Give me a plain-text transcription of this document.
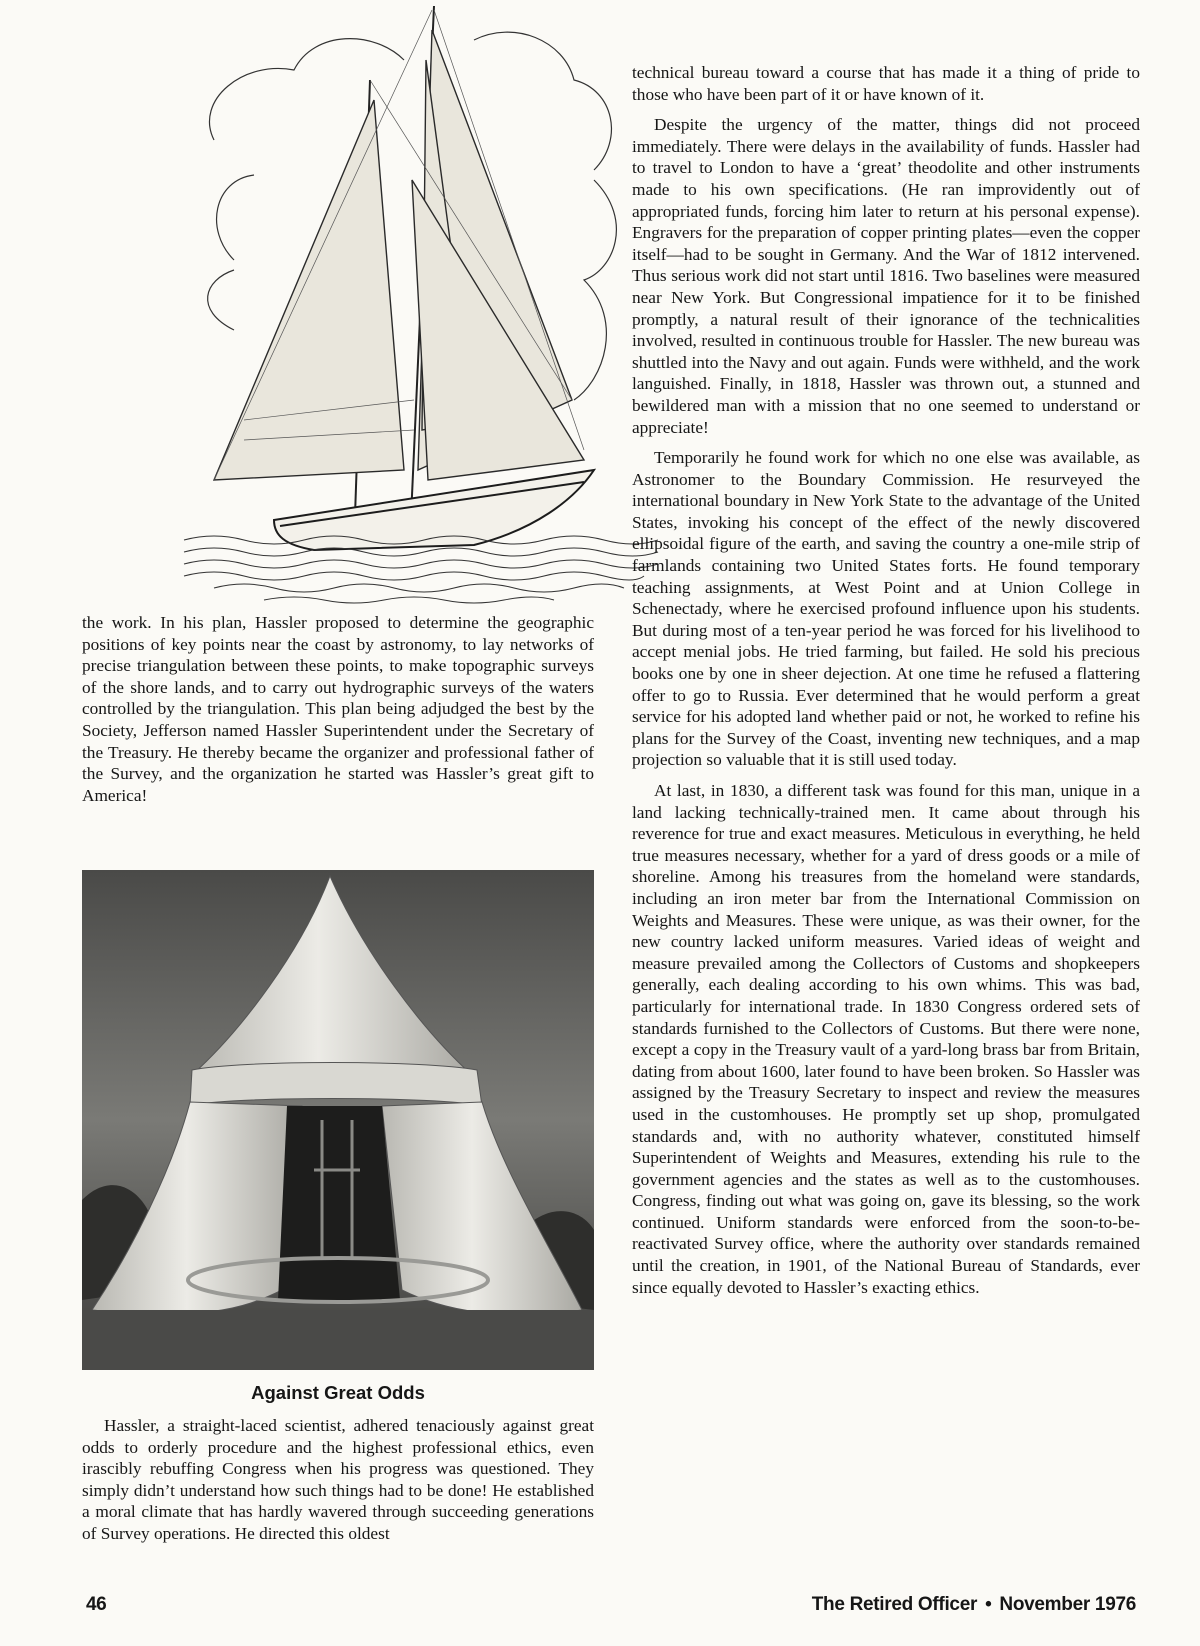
the work. In his plan, Hassler proposed to determine the geographic positions of key points near the coast by astronomy, to lay networks of precise triangulation between these points, to make topographic surveys of the shore lands, and to carry out hydrographic surveys of the waters controlled by the triangulation. This plan being adjudged the best by the Society, Jefferson named Hassler Superintendent under the Secretary of the Treasury. He thereby became the organizer and professional father of the Survey, and the organization he started was Hassler’s great gift to America!

Against Great Odds

Hassler, a straight-laced scientist, adhered tenaciously against great odds to orderly procedure and the highest professional ethics, even irascibly rebuffing Congress when his progress was questioned. They simply didn’t understand how such things had to be done! He established a moral climate that has hardly wavered through succeeding generations of Survey operations. He directed this oldest

technical bureau toward a course that has made it a thing of pride to those who have been part of it or have known of it.

Despite the urgency of the matter, things did not proceed immediately. There were delays in the availability of funds. Hassler had to travel to London to have a ‘great’ theodolite and other instruments made to his own specifications. (He ran improvidently out of appropriated funds, forcing him later to return at his personal expense). Engravers for the preparation of copper printing plates—even the copper itself—had to be sought in Germany. And the War of 1812 intervened. Thus serious work did not start until 1816. Two baselines were measured near New York. But Congressional impatience for it to be finished promptly, a natural result of their ignorance of the technicalities involved, resulted in continuous trouble for Hassler. The new bureau was shuttled into the Navy and out again. Funds were withheld, and the work languished. Finally, in 1818, Hassler was thrown out, a stunned and bewildered man with a mission that no one seemed to understand or appreciate!

Temporarily he found work for which no one else was available, as Astronomer to the Boundary Commission. He resurveyed the international boundary in New York State to the advantage of the United States, invoking his concept of the effect of the newly discovered ellipsoidal figure of the earth, and saving the country a one-mile strip of farmlands containing two United States forts. He found temporary teaching assignments, at West Point and at Union College in Schenectady, where he exercised profound influence upon his students. But during most of a ten-year period he was forced for his livelihood to accept menial jobs. He tried farming, but failed. He sold his precious books one by one in sheer dejection. At one time he refused a flattering offer to go to Russia. Ever determined that he would perform a great service for his adopted land whether paid or not, he worked to refine his plans for the Survey of the Coast, inventing new techniques, and a map projection so valuable that it is still used today.

At last, in 1830, a different task was found for this man, unique in a land lacking technically-trained men. It came about through his reverence for true and exact measures. Meticulous in everything, he held true measures necessary, whether for a yard of dress goods or a mile of shoreline. Among his treasures from the homeland were standards, including an iron meter bar from the International Commission on Weights and Measures. These were unique, as was their owner, for the new country lacked uniform measures. Varied ideas of weight and measure prevailed among the Collectors of Customs and shopkeepers generally, each dealing according to his own whims. This was bad, particularly for international trade. In 1830 Congress ordered sets of standards furnished to the Collectors of Customs. But there were none, except a copy in the Treasury vault of a yard-long brass bar from Britain, dating from about 1600, later found to have been broken. So Hassler was assigned by the Treasury Secretary to inspect and review the measures used in the customhouses. He promptly set up shop, promulgated standards and, with no authority whatever, constituted himself Superintendent of Weights and Measures, extending his rule to the government agencies and the states as well as to the customhouses. Congress, finding out what was going on, gave its blessing, so the work continued. Uniform standards were enforced from the soon-to-be-reactivated Survey office, where the authority over standards remained until the creation, in 1901, of the National Bureau of Standards, ever since equally devoted to Hassler’s exacting ethics.

46	The Retired Officer • November 1976
